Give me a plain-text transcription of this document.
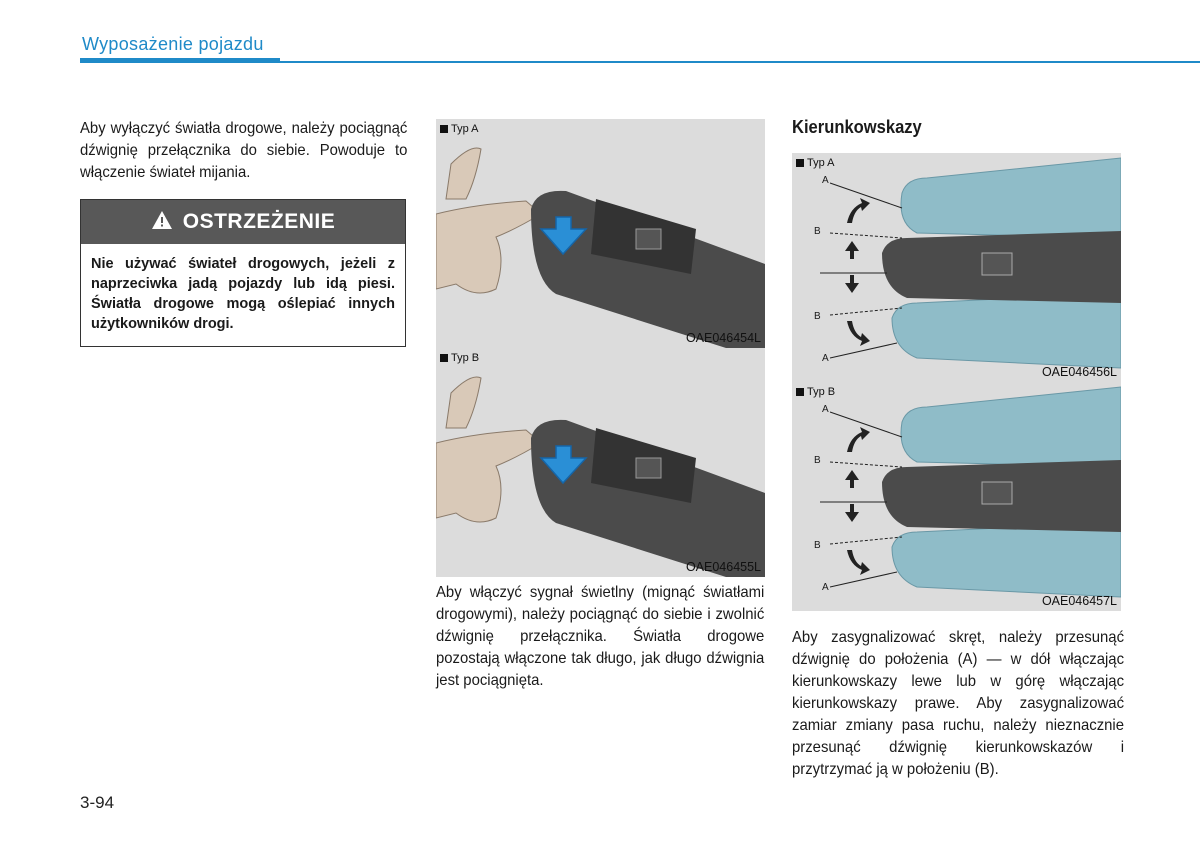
Wyposażenie pojazdu
Aby wyłączyć światła drogowe, należy pociągnąć dźwignię przełącznika do siebie. Powoduje to włączenie świateł mijania.
OSTRZEŻENIE
Nie używać świateł drogowych, jeżeli z naprzeciwka jadą pojazdy lub idą piesi. Światła drogowe mogą oślepiać innych użytkowników drogi.
Typ A
OAE046454L
Typ B
OAE046455L
Aby włączyć sygnał świetlny (mignąć światłami drogowymi), należy pociągnąć do siebie i zwolnić dźwignię przełącznika. Światła drogowe pozostają włączone tak długo, jak długo dźwignia jest pociągnięta.
Kierunkowskazy
Typ A
A
B
B
A
OAE046456L
Typ B
A
B
B
A
OAE046457L
Aby zasygnalizować skręt, należy przesunąć dźwignię do położenia (A) — w dół włączając kierunkowskazy lewe lub w górę włączając kierunkowskazy prawe. Aby zasygnalizować zamiar zmiany pasa ruchu, należy nieznacznie przesunąć dźwignię kierunkowskazów i przytrzymać ją w położeniu (B).
3-94
